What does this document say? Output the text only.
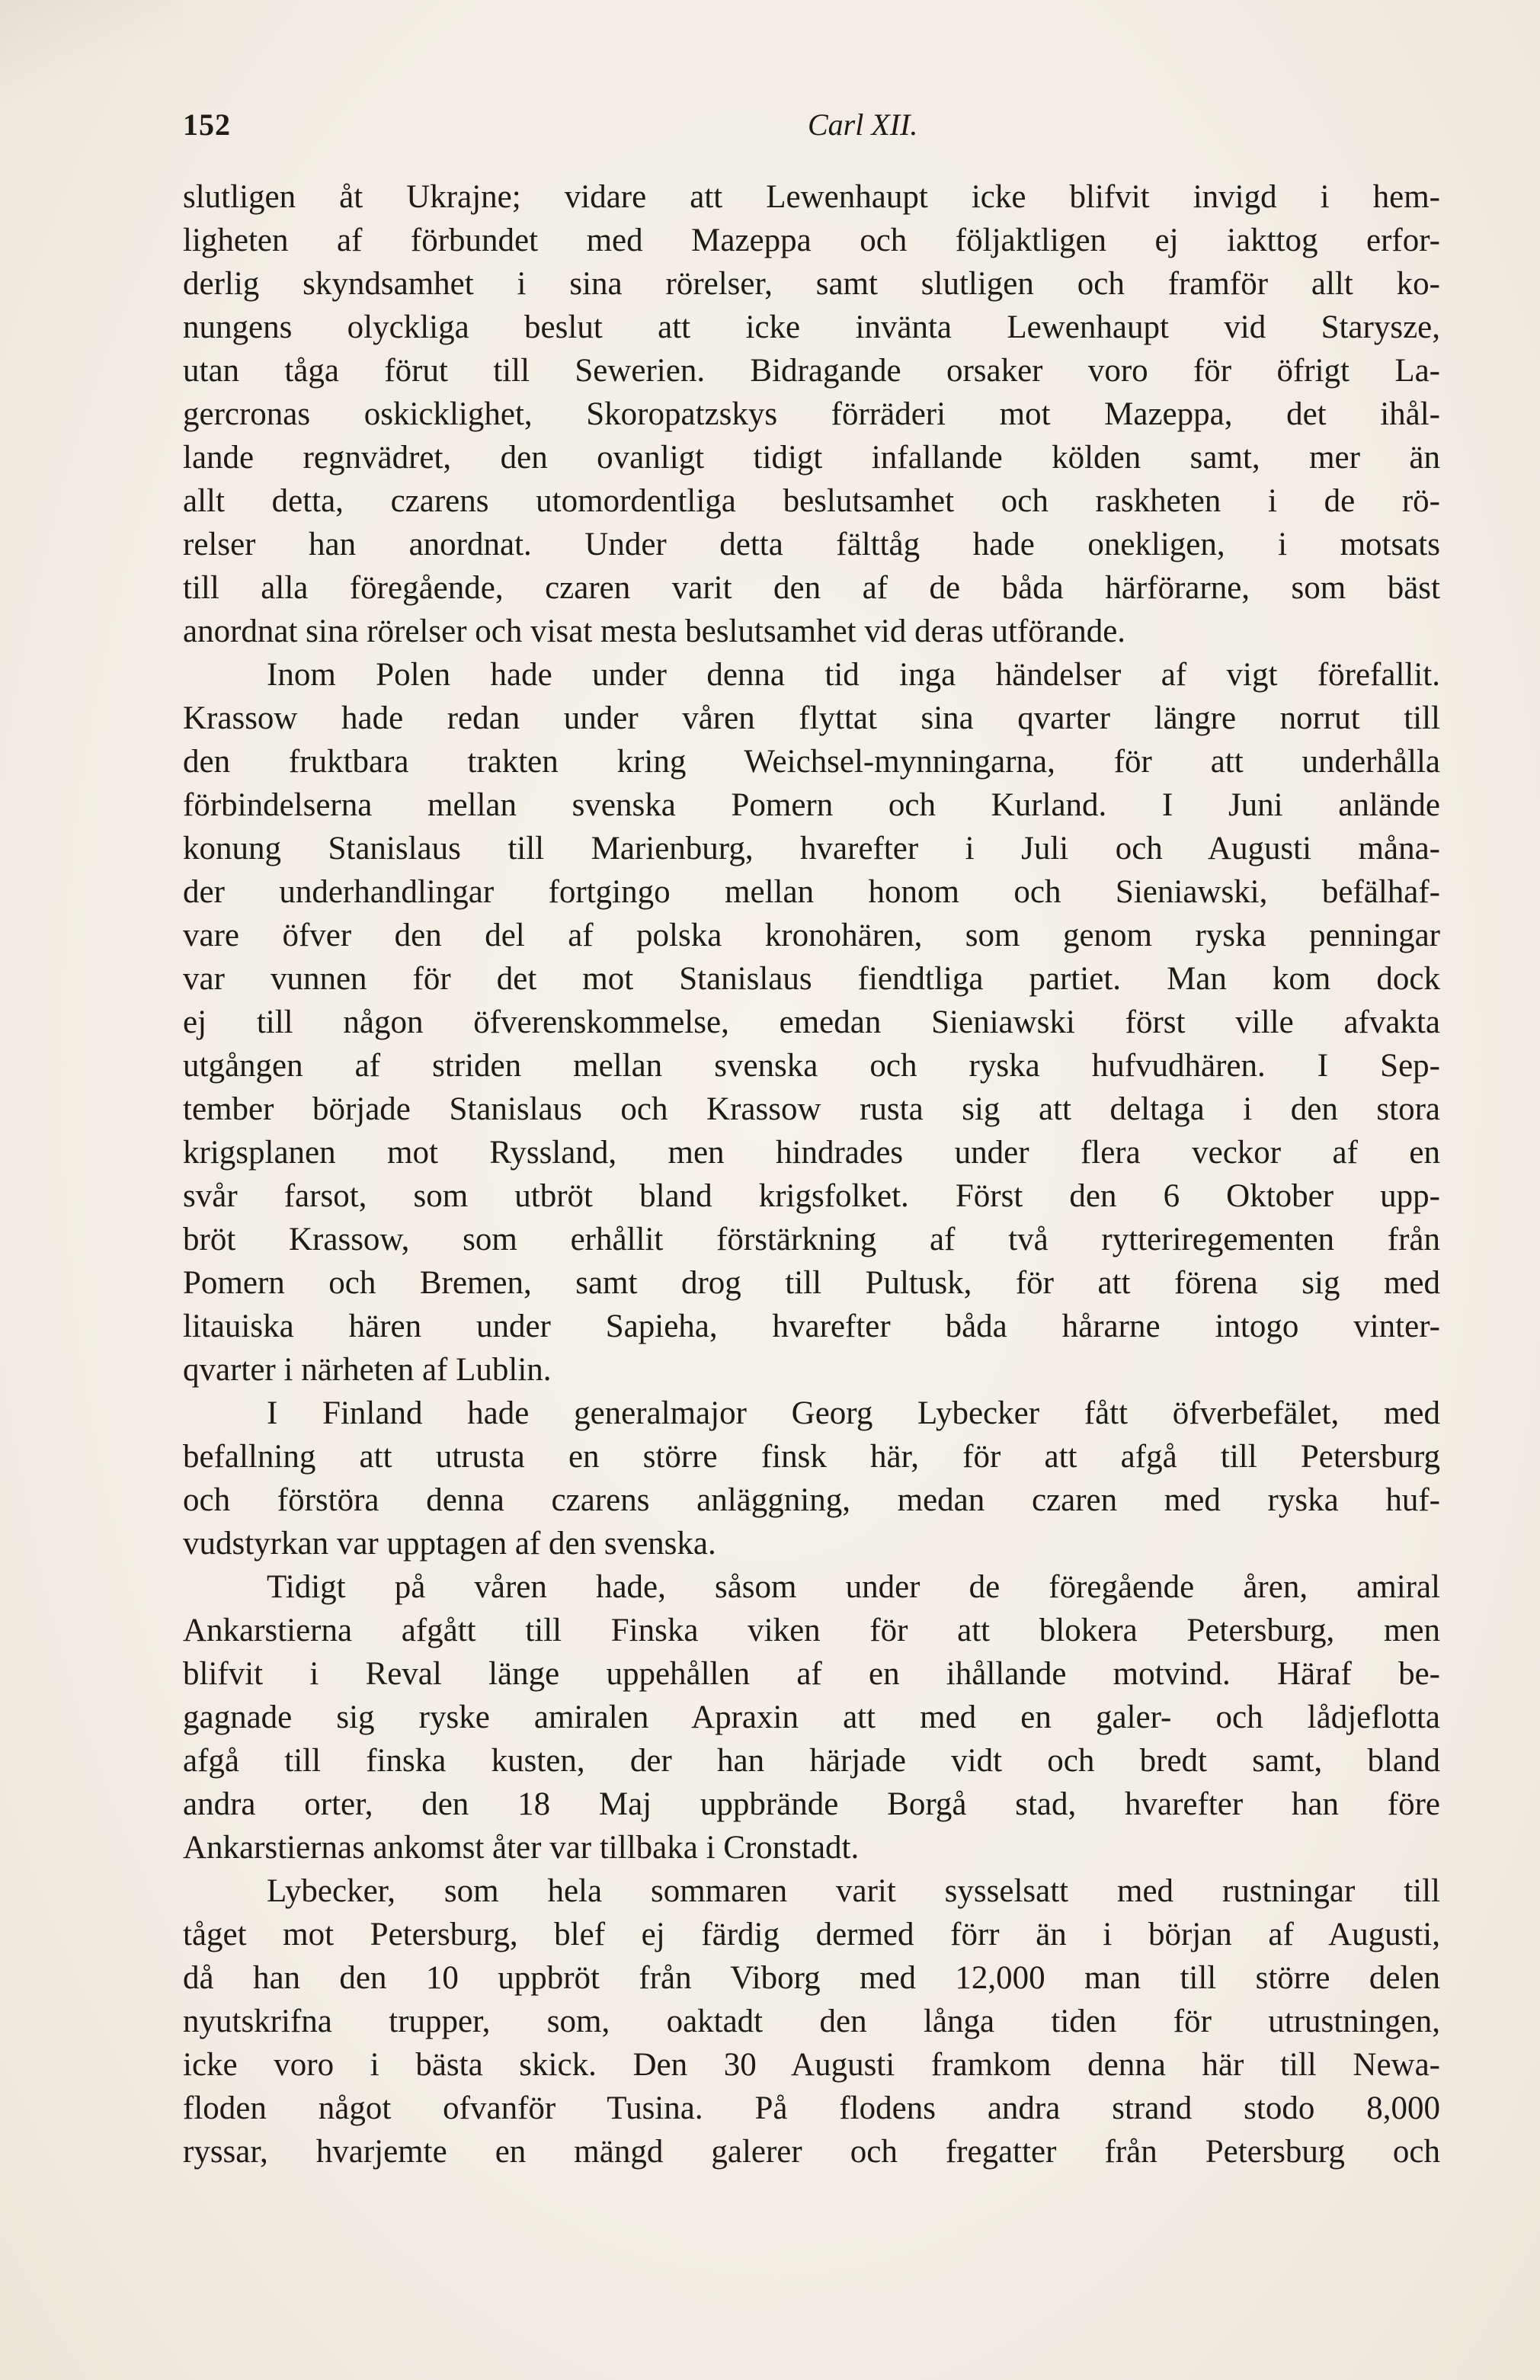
152	Carl XII.
slutligen åt Ukrajne; vidare att Lewenhaupt icke blifvit invigd i hem-
ligheten af förbundet med Mazeppa och följaktligen ej iakttog erfor-
derlig skyndsamhet i sina rörelser, samt slutligen och framför allt ko-
nungens olyckliga beslut att icke invänta Lewenhaupt vid Starysze,
utan tåga förut till Sewerien. Bidragande orsaker voro för öfrigt La-
gercronas oskicklighet, Skoropatzskys förräderi mot Mazeppa, det ihål-
lande regnvädret, den ovanligt tidigt infallande kölden samt, mer än
allt detta, czarens utomordentliga beslutsamhet och raskheten i de rö-
relser han anordnat. Under detta fälttåg hade onekligen, i motsats
till alla föregående, czaren varit den af de båda härförarne, som bäst
anordnat sina rörelser och visat mesta beslutsamhet vid deras utförande.
Inom Polen hade under denna tid inga händelser af vigt förefallit.
Krassow hade redan under våren flyttat sina qvarter längre norrut till
den fruktbara trakten kring Weichsel-mynningarna, för att underhålla
förbindelserna mellan svenska Pomern och Kurland. I Juni anlände
konung Stanislaus till Marienburg, hvarefter i Juli och Augusti måna-
der underhandlingar fortgingo mellan honom och Sieniawski, befälhaf-
vare öfver den del af polska kronohären, som genom ryska penningar
var vunnen för det mot Stanislaus fiendtliga partiet. Man kom dock
ej till någon öfverenskommelse, emedan Sieniawski först ville afvakta
utgången af striden mellan svenska och ryska hufvudhären. I Sep-
tember började Stanislaus och Krassow rusta sig att deltaga i den stora
krigsplanen mot Ryssland, men hindrades under flera veckor af en
svår farsot, som utbröt bland krigsfolket. Först den 6 Oktober upp-
bröt Krassow, som erhållit förstärkning af två rytteriregementen från
Pomern och Bremen, samt drog till Pultusk, för att förena sig med
litauiska hären under Sapieha, hvarefter båda hårarne intogo vinter-
qvarter i närheten af Lublin.
I Finland hade generalmajor Georg Lybecker fått öfverbefälet, med
befallning att utrusta en större finsk här, för att afgå till Petersburg
och förstöra denna czarens anläggning, medan czaren med ryska huf-
vudstyrkan var upptagen af den svenska.
Tidigt på våren hade, såsom under de föregående åren, amiral
Ankarstierna afgått till Finska viken för att blokera Petersburg, men
blifvit i Reval länge uppehållen af en ihållande motvind. Häraf be-
gagnade sig ryske amiralen Apraxin att med en galer- och lådjeflotta
afgå till finska kusten, der han härjade vidt och bredt samt, bland
andra orter, den 18 Maj uppbrände Borgå stad, hvarefter han före
Ankarstiernas ankomst åter var tillbaka i Cronstadt.
Lybecker, som hela sommaren varit sysselsatt med rustningar till
tåget mot Petersburg, blef ej färdig dermed förr än i början af Augusti,
då han den 10 uppbröt från Viborg med 12,000 man till större delen
nyutskrifna trupper, som, oaktadt den långa tiden för utrustningen,
icke voro i bästa skick. Den 30 Augusti framkom denna här till Newa-
floden något ofvanför Tusina. På flodens andra strand stodo 8,000
ryssar, hvarjemte en mängd galerer och fregatter från Petersburg och
